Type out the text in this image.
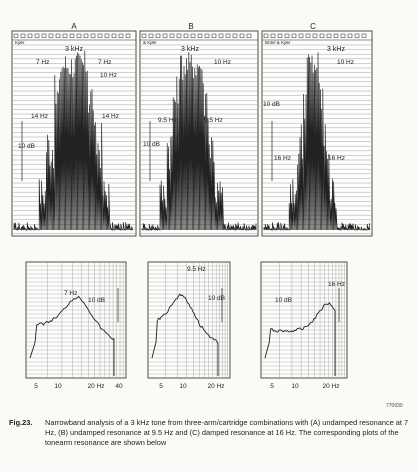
A
Kjær
3 kHz
7 Hz	7 Hz
10 Hz
14 Hz	14 Hz
10 dB
B
& Kjær
3 kHz
10 Hz
9.5 Hz	9.5 Hz
10 dB
C
Brüel & Kjær
3 kHz
10 Hz
10 dB
16 Hz	16 Hz
7 Hz
10 dB
5	10	20 Hz 40
9.5 Hz
10 dB
5	10	20 Hz
16 Hz
10 dB
5	10	20 Hz
770930
Fig.23. Narrowband analysis of a 3 kHz tone from three-arm/cartridge combinations with (A) undamped resonance at 7 Hz, (B) undamped resonance at 9.5 Hz and (C) damped resonance at 16 Hz. The corresponding plots of the tonearm resonance are shown below
